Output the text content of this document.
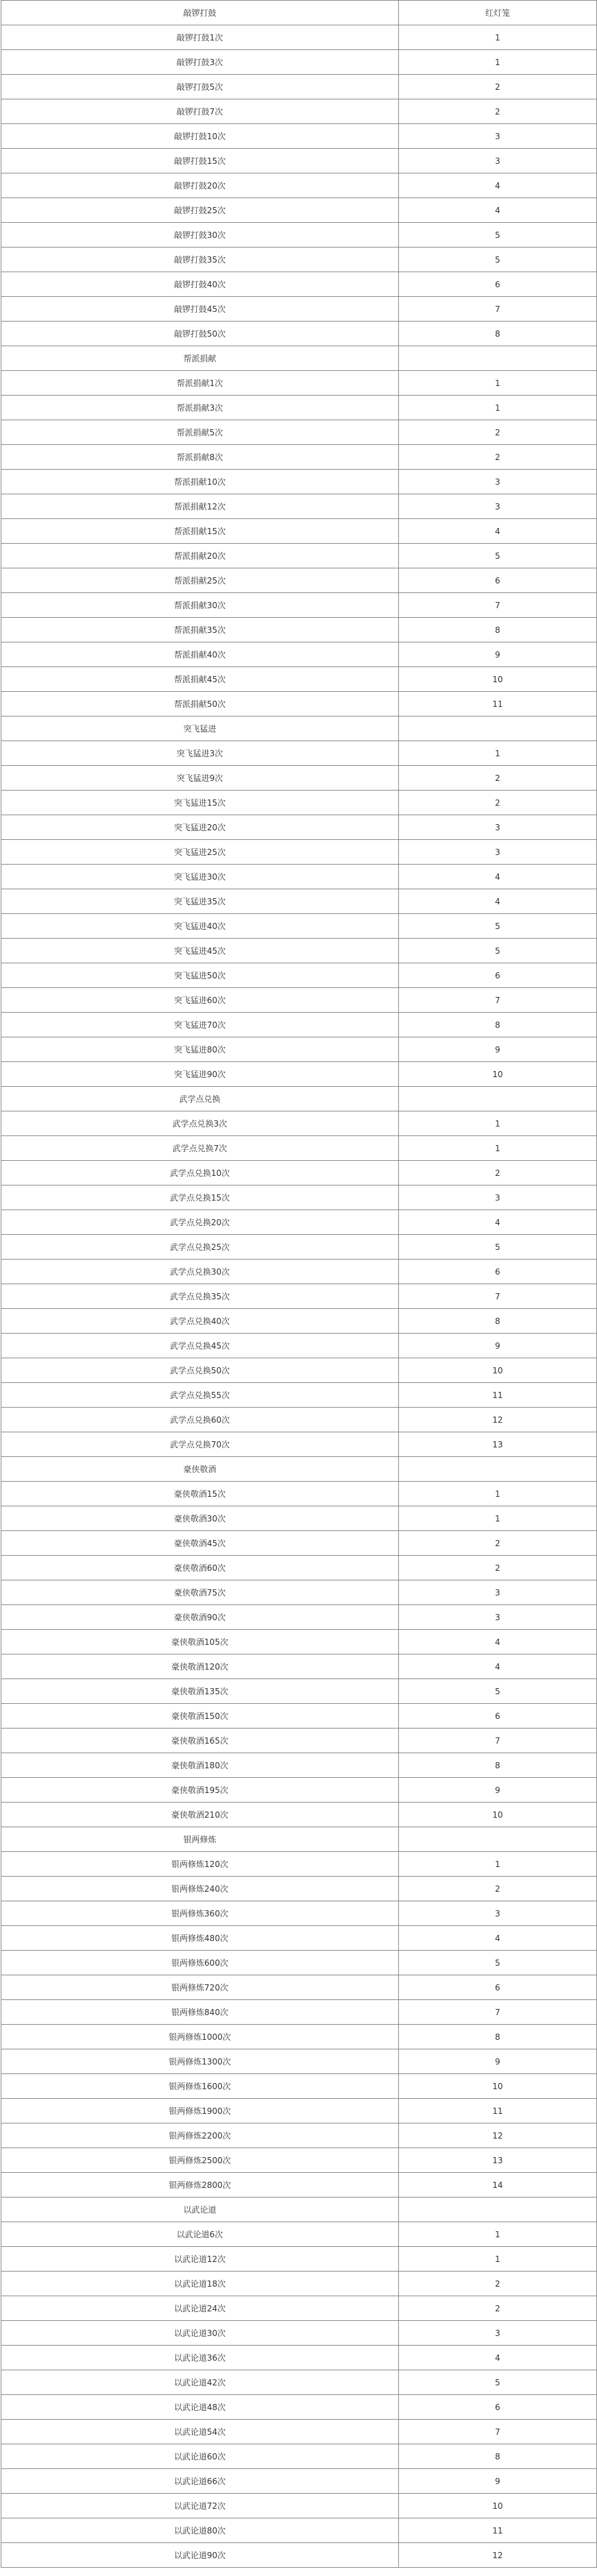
敲锣打鼓	红灯笼
敲锣打鼓1次	1
敲锣打鼓3次	1
敲锣打鼓5次	2
敲锣打鼓7次	2
敲锣打鼓10次	3
敲锣打鼓15次	3
敲锣打鼓20次	4
敲锣打鼓25次	4
敲锣打鼓30次	5
敲锣打鼓35次	5
敲锣打鼓40次	6
敲锣打鼓45次	7
敲锣打鼓50次	8
帮派捐献	
帮派捐献1次	1
帮派捐献3次	1
帮派捐献5次	2
帮派捐献8次	2
帮派捐献10次	3
帮派捐献12次	3
帮派捐献15次	4
帮派捐献20次	5
帮派捐献25次	6
帮派捐献30次	7
帮派捐献35次	8
帮派捐献40次	9
帮派捐献45次	10
帮派捐献50次	11
突飞猛进	
突飞猛进3次	1
突飞猛进9次	2
突飞猛进15次	2
突飞猛进20次	3
突飞猛进25次	3
突飞猛进30次	4
突飞猛进35次	4
突飞猛进40次	5
突飞猛进45次	5
突飞猛进50次	6
突飞猛进60次	7
突飞猛进70次	8
突飞猛进80次	9
突飞猛进90次	10
武学点兑换	
武学点兑换3次	1
武学点兑换7次	1
武学点兑换10次	2
武学点兑换15次	3
武学点兑换20次	4
武学点兑换25次	5
武学点兑换30次	6
武学点兑换35次	7
武学点兑换40次	8
武学点兑换45次	9
武学点兑换50次	10
武学点兑换55次	11
武学点兑换60次	12
武学点兑换70次	13
豪侠敬酒	
豪侠敬酒15次	1
豪侠敬酒30次	1
豪侠敬酒45次	2
豪侠敬酒60次	2
豪侠敬酒75次	3
豪侠敬酒90次	3
豪侠敬酒105次	4
豪侠敬酒120次	4
豪侠敬酒135次	5
豪侠敬酒150次	6
豪侠敬酒165次	7
豪侠敬酒180次	8
豪侠敬酒195次	9
豪侠敬酒210次	10
银两修炼	
银两修炼120次	1
银两修炼240次	2
银两修炼360次	3
银两修炼480次	4
银两修炼600次	5
银两修炼720次	6
银两修炼840次	7
银两修炼1000次	8
银两修炼1300次	9
银两修炼1600次	10
银两修炼1900次	11
银两修炼2200次	12
银两修炼2500次	13
银两修炼2800次	14
以武论道	
以武论道6次	1
以武论道12次	1
以武论道18次	2
以武论道24次	2
以武论道30次	3
以武论道36次	4
以武论道42次	5
以武论道48次	6
以武论道54次	7
以武论道60次	8
以武论道66次	9
以武论道72次	10
以武论道80次	11
以武论道90次	12
